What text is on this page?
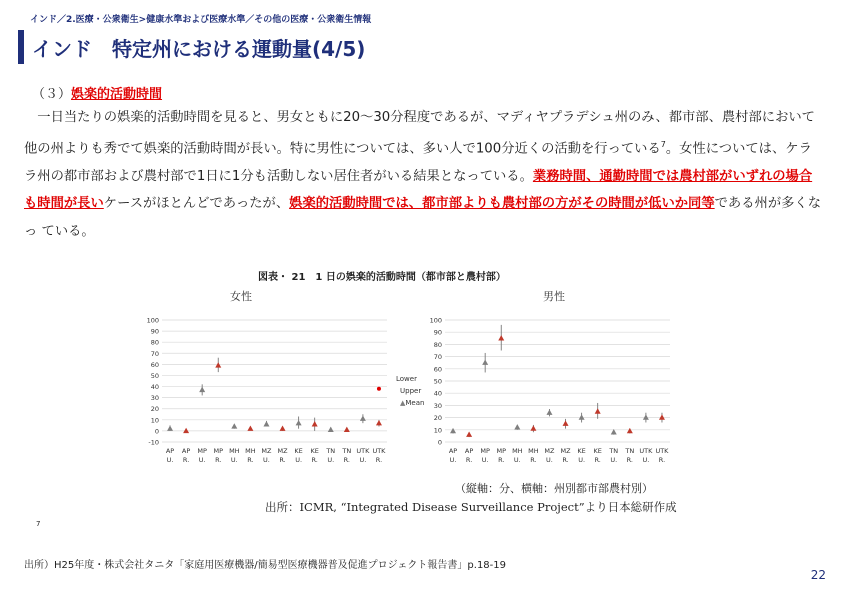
インド／2.医療・公衆衛生>健康水準および医療水準／その他の医療・公衆衛生情報
インド　特定州における運動量(4/5)
（３）娯楽的活動時間
　一日当たりの娯楽的活動時間を見ると、男女ともに20～30分程度であるが、マディヤプラデシュ州のみ、都市部、農村部において他の州よりも秀でて娯楽的活動時間が長い。特に男性については、多い人で100分近くの活動を行っている$^7$。女性については、ケララ州の都市部および農村部で1日に1分も活動しない居住者がいる結果となっている。業務時間、通勤時間では農村部がいずれの場合も時間が長いケースがほとんどであったが、娯楽的活動時間では、都市部よりも農村部の方がその時間が低いか同等である州が多くなっ ている。
図表・ 21　1 日の娯楽的活動時間（都市部と農村部）
女性	男性
-10
0
10
20
30
40
50
60
70
80
90
100
AP
U.
AP
R.
MP
U.
MP
R.
MH
U.
MH
R.
MZ
U.
MZ
R.
KE
U.
KE
R.
TN
U.
TN
R.
UTK
U.
UTK
R.
0
10
20
30
40
50
60
70
80
90
100
AP
U.
AP
R.
MP
U.
MP
R.
MH
U.
MH
R.
MZ
U.
MZ
R.
KE
U.
KE
R.
TN
U.
TN
R.
UTK
U.
UTK
R.
Lower
Upper
▲Mean
（縦軸：分、横軸：州別都市部農村別）
出所：ICMR, “Integrated Disease Surveillance Project”より日本総研作成
7
出所）H25年度・株式会社タニタ「家庭用医療機器/簡易型医療機器普及促進プロジェクト報告書」p.18-19
22
